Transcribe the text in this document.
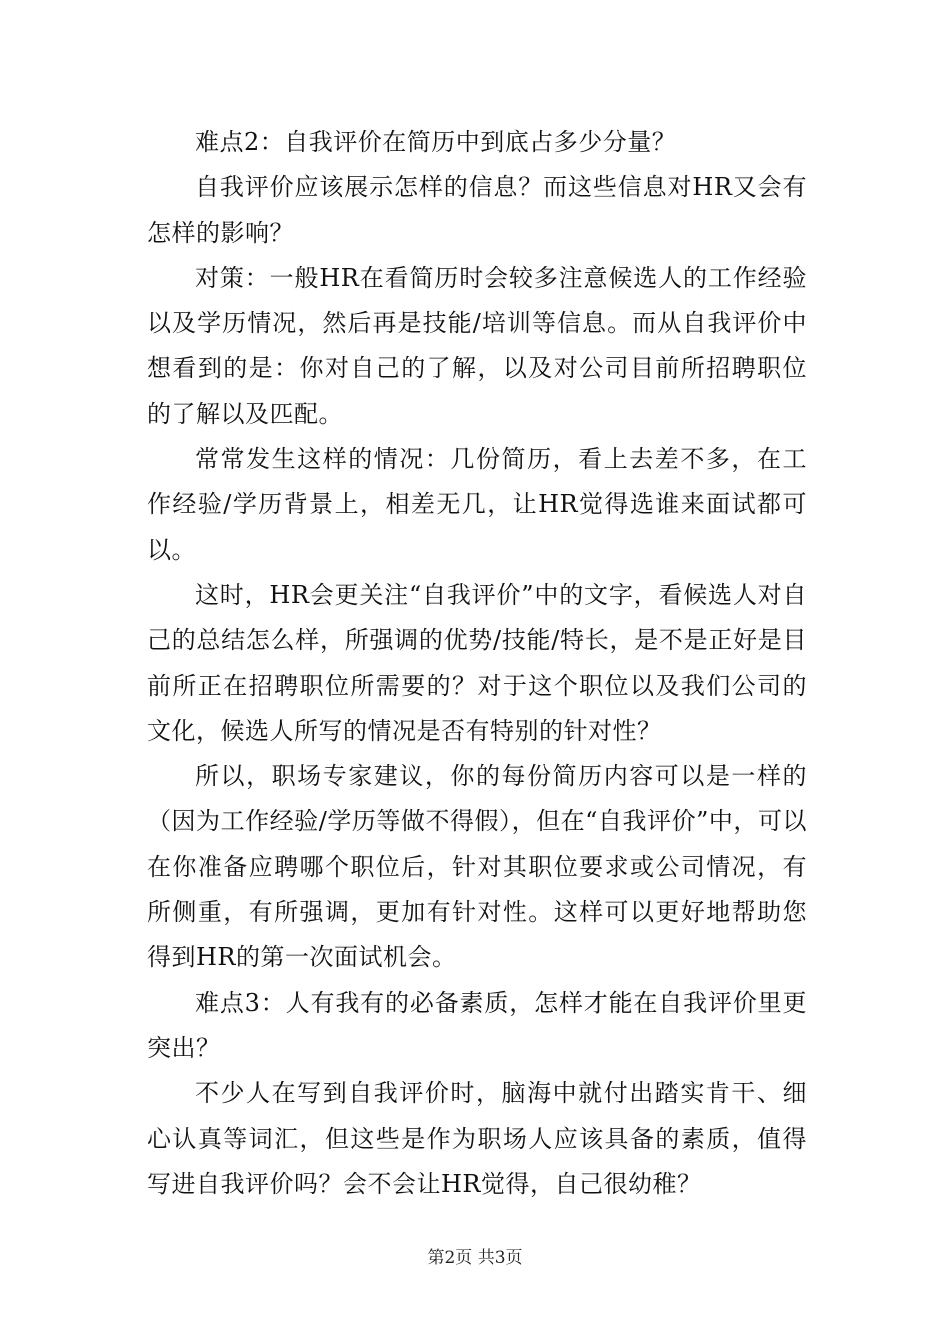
难点2：自我评价在简历中到底占多少分量？

自我评价应该展示怎样的信息？而这些信息对HR又会有怎样的影响？

对策：一般HR在看简历时会较多注意候选人的工作经验以及学历情况，然后再是技能/培训等信息。而从自我评价中想看到的是：你对自己的了解，以及对公司目前所招聘职位的了解以及匹配。

常常发生这样的情况：几份简历，看上去差不多，在工作经验/学历背景上，相差无几，让HR觉得选谁来面试都可以。

这时，HR会更关注“自我评价”中的文字，看候选人对自己的总结怎么样，所强调的优势/技能/特长，是不是正好是目前所正在招聘职位所需要的？对于这个职位以及我们公司的文化，候选人所写的情况是否有特别的针对性？

所以，职场专家建议，你的每份简历内容可以是一样的（因为工作经验/学历等做不得假），但在“自我评价”中，可以在你准备应聘哪个职位后，针对其职位要求或公司情况，有所侧重，有所强调，更加有针对性。这样可以更好地帮助您得到HR的第一次面试机会。

难点3：人有我有的必备素质，怎样才能在自我评价里更突出？

不少人在写到自我评价时，脑海中就付出踏实肯干、细心认真等词汇，但这些是作为职场人应该具备的素质，值得写进自我评价吗？会不会让HR觉得，自己很幼稚？

第2页 共3页
